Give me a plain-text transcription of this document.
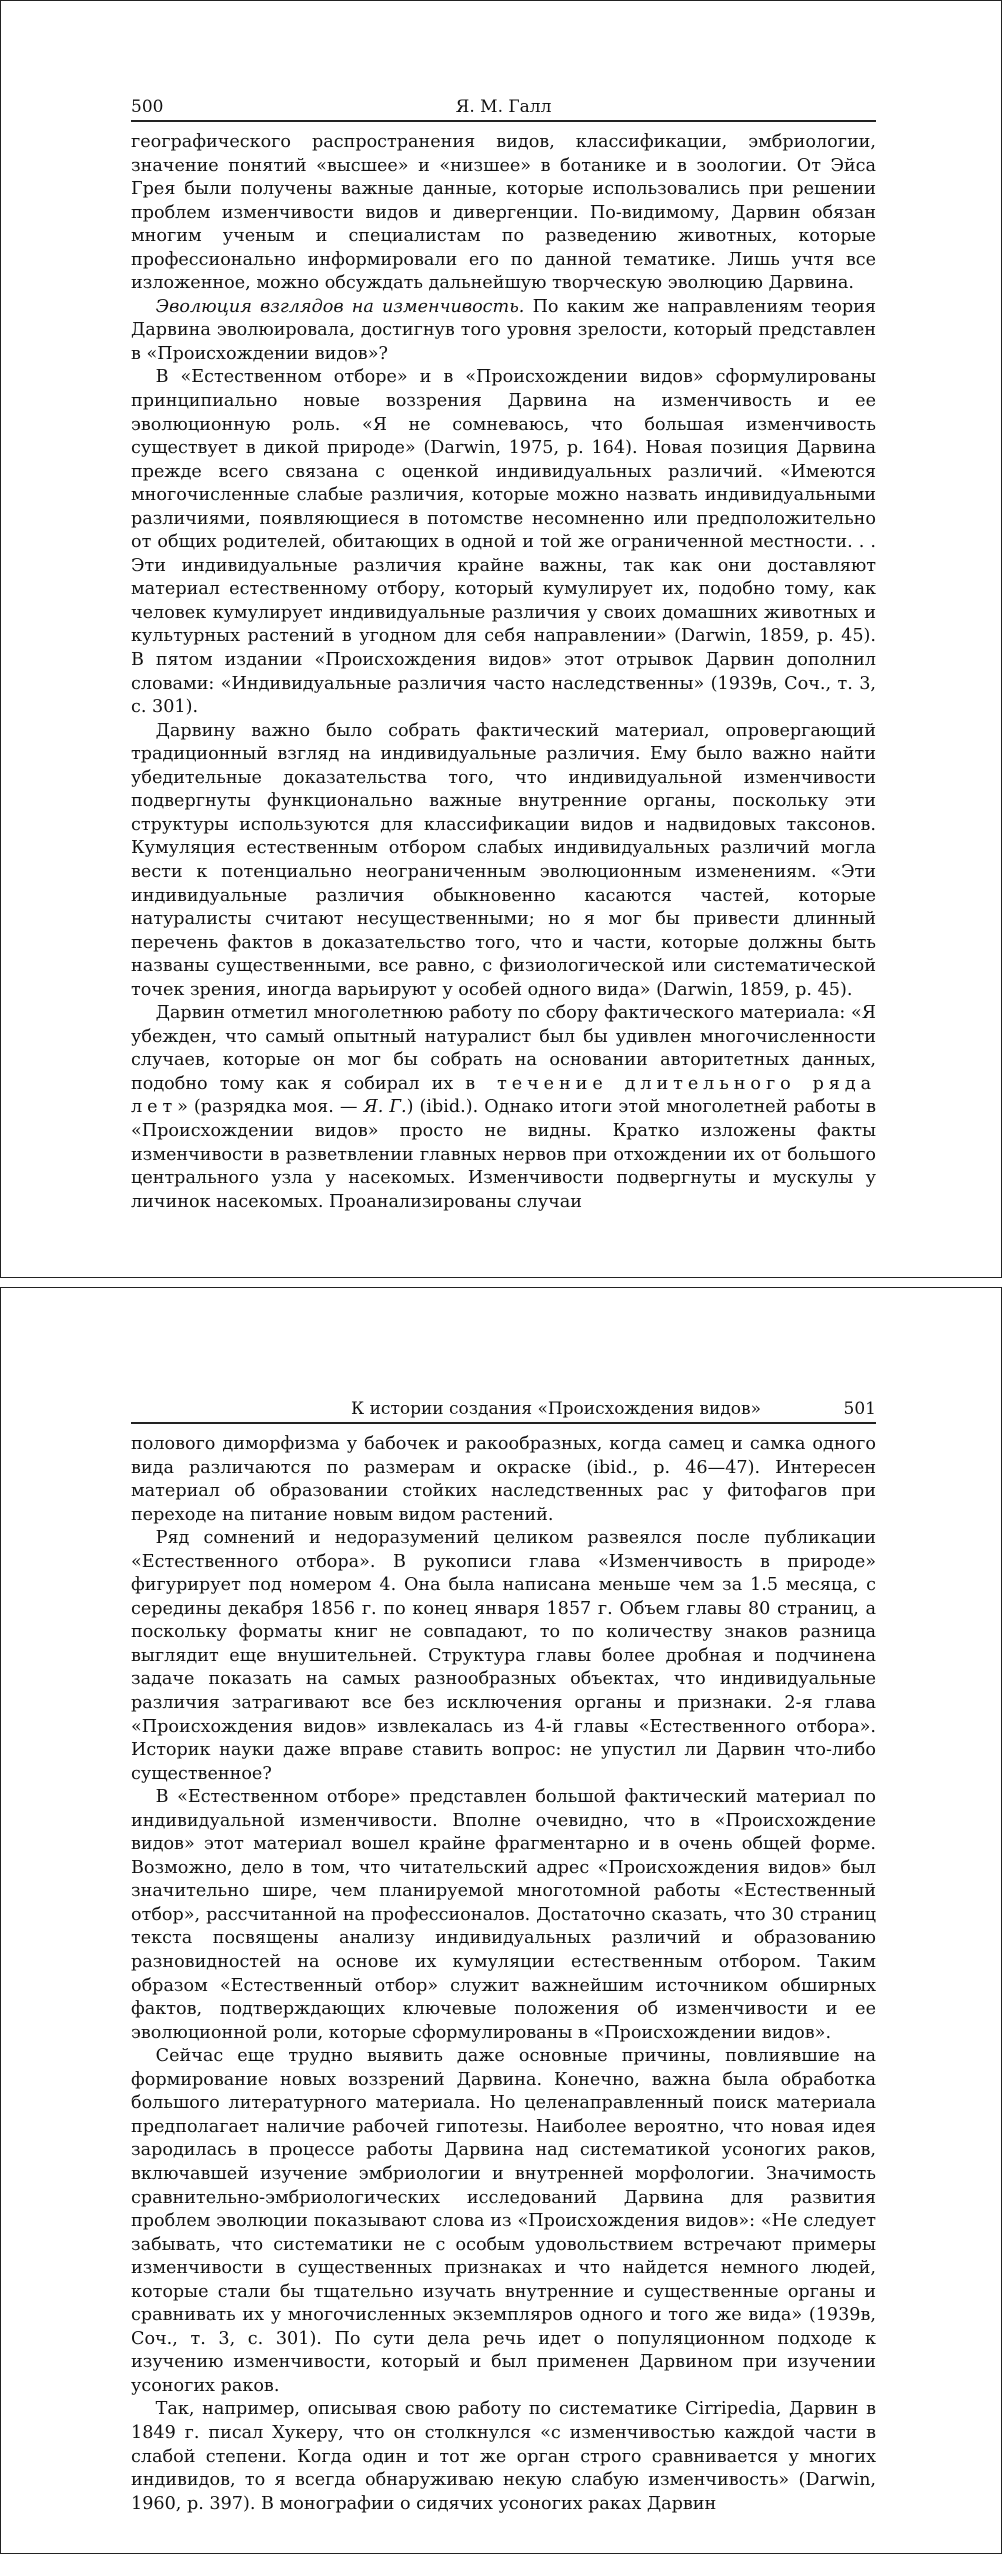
500	Я. М. Галл

географического распространения видов, классификации, эмбриологии, значение понятий «высшее» и «низшее» в ботанике и в зоологии. От Эйса Грея были получены важные данные, которые использовались при решении проблем изменчивости видов и дивергенции. По-видимому, Дарвин обязан многим ученым и специалистам по разведению животных, которые профессионально информировали его по данной тематике. Лишь учтя все изложенное, можно обсуждать дальнейшую творческую эволюцию Дарвина.

Эволюция взглядов на изменчивость. По каким же направлениям теория Дарвина эволюировала, достигнув того уровня зрелости, который представлен в «Происхождении видов»?

В «Естественном отборе» и в «Происхождении видов» сформулированы принципиально новые воззрения Дарвина на изменчивость и ее эволюционную роль. «Я не сомневаюсь, что большая изменчивость существует в дикой природе» (Darwin, 1975, p. 164). Новая позиция Дарвина прежде всего связана с оценкой индивидуальных различий. «Имеются многочисленные слабые различия, которые можно назвать индивидуальными различиями, появляющиеся в потомстве несомненно или предположительно от общих родителей, обитающих в одной и той же ограниченной местности. . . Эти индивидуальные различия крайне важны, так как они доставляют материал естественному отбору, который кумулирует их, подобно тому, как человек кумулирует индивидуальные различия у своих домашних животных и культурных растений в угодном для себя направлении» (Darwin, 1859, p. 45). В пятом издании «Происхождения видов» этот отрывок Дарвин дополнил словами: «Индивидуальные различия часто наследственны» (1939в, Соч., т. 3, с. 301).

Дарвину важно было собрать фактический материал, опровергающий традиционный взгляд на индивидуальные различия. Ему было важно найти убедительные доказательства того, что индивидуальной изменчивости подвергнуты функционально важные внутренние органы, поскольку эти структуры используются для классификации видов и надвидовых таксонов. Кумуляция естественным отбором слабых индивидуальных различий могла вести к потенциально неограниченным эволюционным изменениям. «Эти индивидуальные различия обыкновенно касаются частей, которые натуралисты считают несущественными; но я мог бы привести длинный перечень фактов в доказательство того, что и части, которые должны быть названы существенными, все равно, с физиологической или систематической точек зрения, иногда варьируют у особей одного вида» (Darwin, 1859, p. 45).

Дарвин отметил многолетнюю работу по сбору фактического материала: «Я убежден, что самый опытный натуралист был бы удивлен многочисленности случаев, которые он мог бы собрать на основании авторитетных данных, подобно тому как я собирал их в течение длительного ряда лет» (разрядка моя. — Я. Г.) (ibid.). Однако итоги этой многолетней работы в «Происхождении видов» просто не видны. Кратко изложены факты изменчивости в разветвлении главных нервов при отхождении их от большого центрального узла у насекомых. Изменчивости подвергнуты и мускулы у личинок насекомых. Проанализированы случаи

К истории создания «Происхождения видов»	501

полового диморфизма у бабочек и ракообразных, когда самец и самка одного вида различаются по размерам и окраске (ibid., p. 46—47). Интересен материал об образовании стойких наследственных рас у фитофагов при переходе на питание новым видом растений.

Ряд сомнений и недоразумений целиком развеялся после публикации «Естественного отбора». В рукописи глава «Изменчивость в природе» фигурирует под номером 4. Она была написана меньше чем за 1.5 месяца, с середины декабря 1856 г. по конец января 1857 г. Объем главы 80 страниц, а поскольку форматы книг не совпадают, то по количеству знаков разница выглядит еще внушительней. Структура главы более дробная и подчинена задаче показать на самых разнообразных объектах, что индивидуальные различия затрагивают все без исключения органы и признаки. 2-я глава «Происхождения видов» извлекалась из 4-й главы «Естественного отбора». Историк науки даже вправе ставить вопрос: не упустил ли Дарвин что-либо существенное?

В «Естественном отборе» представлен большой фактический материал по индивидуальной изменчивости. Вполне очевидно, что в «Происхождение видов» этот материал вошел крайне фрагментарно и в очень общей форме. Возможно, дело в том, что читательский адрес «Происхождения видов» был значительно шире, чем планируемой многотомной работы «Естественный отбор», рассчитанной на профессионалов. Достаточно сказать, что 30 страниц текста посвящены анализу индивидуальных различий и образованию разновидностей на основе их кумуляции естественным отбором. Таким образом «Естественный отбор» служит важнейшим источником обширных фактов, подтверждающих ключевые положения об изменчивости и ее эволюционной роли, которые сформулированы в «Происхождении видов».

Сейчас еще трудно выявить даже основные причины, повлиявшие на формирование новых воззрений Дарвина. Конечно, важна была обработка большого литературного материала. Но целенаправленный поиск материала предполагает наличие рабочей гипотезы. Наиболее вероятно, что новая идея зародилась в процессе работы Дарвина над систематикой усоногих раков, включавшей изучение эмбриологии и внутренней морфологии. Значимость сравнительно-эмбриологических исследований Дарвина для развития проблем эволюции показывают слова из «Происхождения видов»: «Не следует забывать, что систематики не с особым удовольствием встречают примеры изменчивости в существенных признаках и что найдется немного людей, которые стали бы тщательно изучать внутренние и существенные органы и сравнивать их у многочисленных экземпляров одного и того же вида» (1939в, Соч., т. 3, с. 301). По сути дела речь идет о популяционном подходе к изучению изменчивости, который и был применен Дарвином при изучении усоногих раков.

Так, например, описывая свою работу по систематике Cirripedia, Дарвин в 1849 г. писал Хукеру, что он столкнулся «с изменчивостью каждой части в слабой степени. Когда один и тот же орган строго сравнивается у многих индивидов, то я всегда обнаруживаю некую слабую изменчивость» (Darwin, 1960, p. 397). В монографии о сидячих усоногих раках Дарвин
